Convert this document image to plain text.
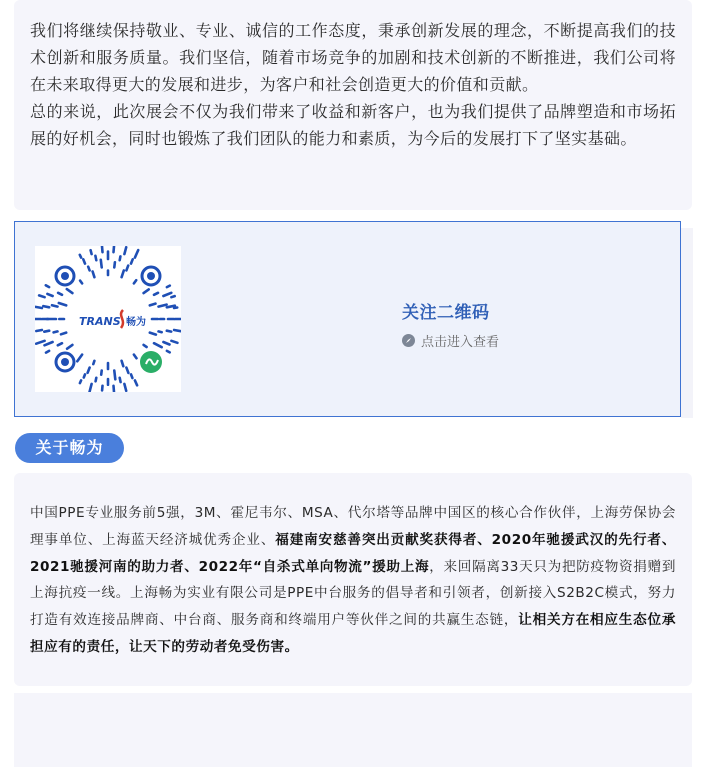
我们将继续保持敬业、专业、诚信的工作态度，秉承创新发展的理念，不断提高我们的技术创新和服务质量。我们坚信，随着市场竞争的加剧和技术创新的不断推进，我们公司将在未来取得更大的发展和进步，为客户和社会创造更大的价值和贡献。

总的来说，此次展会不仅为我们带来了收益和新客户，也为我们提供了品牌塑造和市场拓展的好机会，同时也锻炼了我们团队的能力和素质，为今后的发展打下了坚实基础。

TRANS 畅为	关注二维码
点击进入查看
关于畅为

中国PPE专业服务前5强，3M、霍尼韦尔、MSA、代尔塔等品牌中国区的核心合作伙伴，上海劳保协会理事单位、上海蓝天经济城优秀企业、福建南安慈善突出贡献奖获得者、2020年驰援武汉的先行者、2021驰援河南的助力者、2022年“自杀式单向物流”援助上海，来回隔离33天只为把防疫物资捐赠到上海抗疫一线。上海畅为实业有限公司是PPE中台服务的倡导者和引领者，创新接入S2B2C模式，努力打造有效连接品牌商、中台商、服务商和终端用户等伙伴之间的共赢生态链，让相关方在相应生态位承担应有的责任，让天下的劳动者免受伤害。
